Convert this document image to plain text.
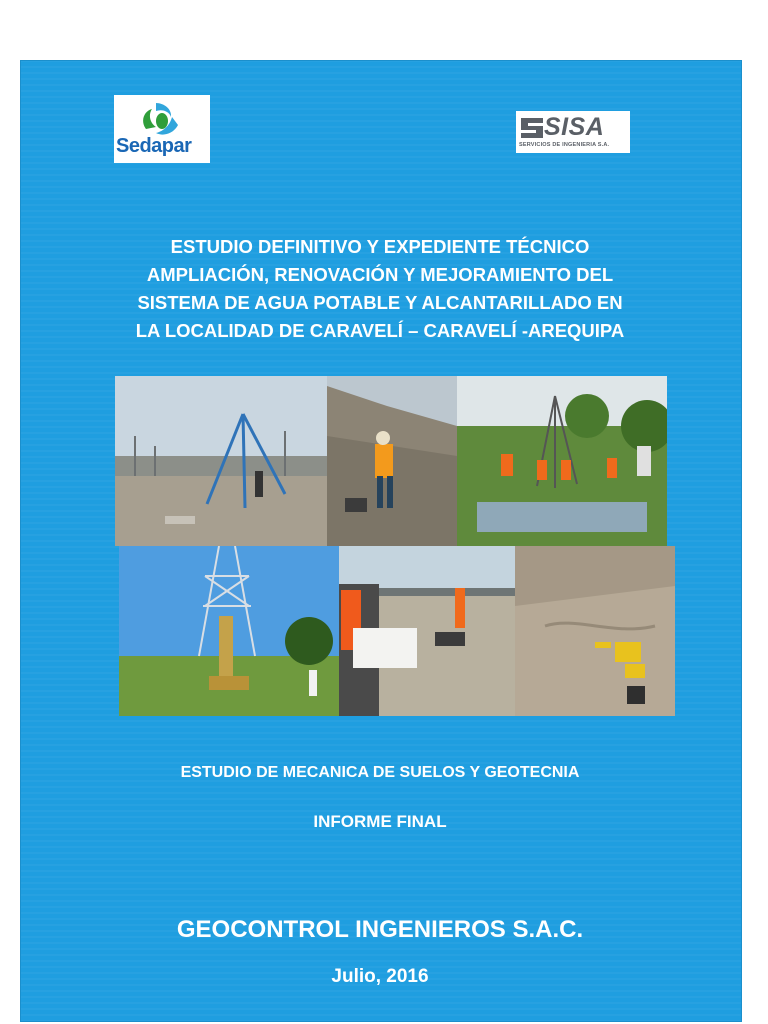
Sedapar
SISA
SERVICIOS DE INGENIERIA S.A.
ESTUDIO DEFINITIVO Y EXPEDIENTE TÉCNICO
AMPLIACIÓN, RENOVACIÓN Y MEJORAMIENTO DEL
SISTEMA DE AGUA POTABLE Y ALCANTARILLADO EN
LA LOCALIDAD DE CARAVELÍ – CARAVELÍ -AREQUIPA
ESTUDIO DE MECANICA DE SUELOS Y GEOTECNIA
INFORME FINAL
GEOCONTROL INGENIEROS S.A.C.
Julio, 2016
